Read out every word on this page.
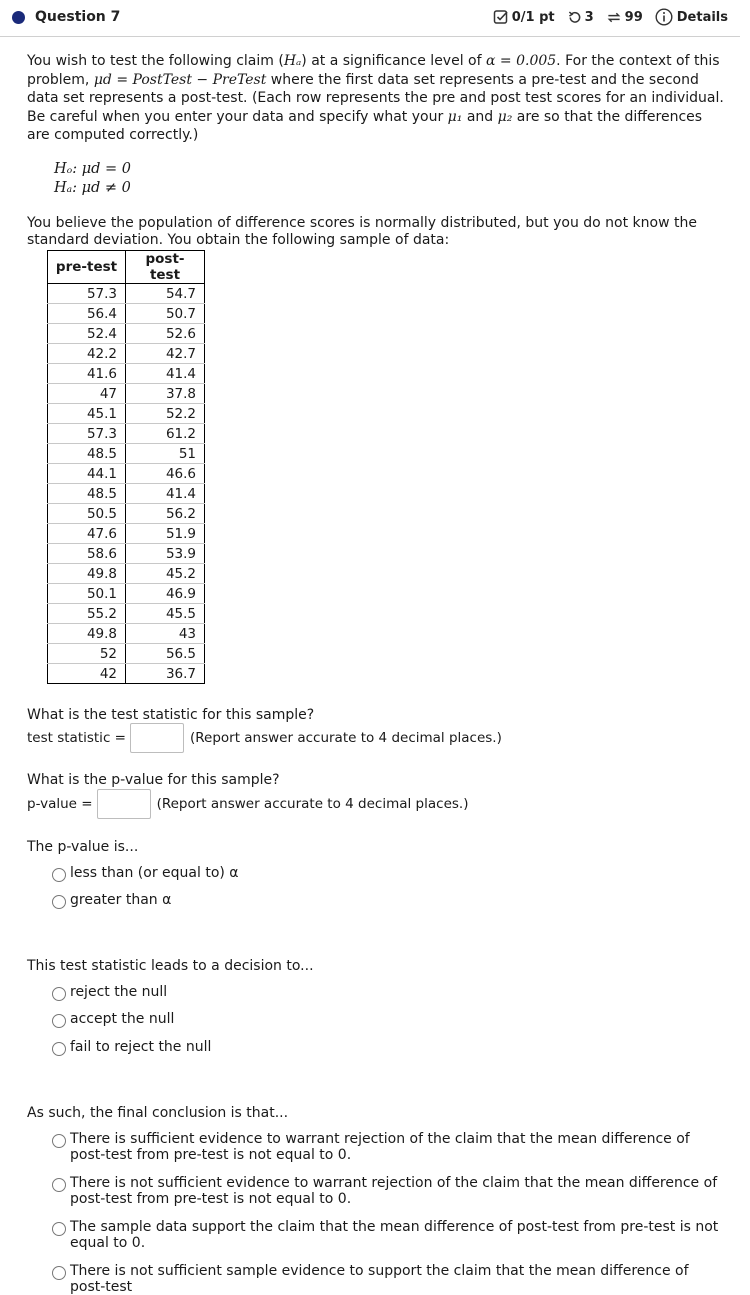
Question 7	0/1 pt 3 99	Details
You wish to test the following claim (Hₐ) at a significance level of α = 0.005. For the context of this problem, μd = PostTest − PreTest where the first data set represents a pre-test and the second data set represents a post-test. (Each row represents the pre and post test scores for an individual. Be careful when you enter your data and specify what your μ₁ and μ₂ are so that the differences are computed correctly.)
Hₒ: μd = 0
Hₐ: μd ≠ 0
You believe the population of difference scores is normally distributed, but you do not know the standard deviation. You obtain the following sample of data:
What is the test statistic for this sample?
test statistic =	(Report answer accurate to 4 decimal places.)
What is the p-value for this sample?
p-value =	(Report answer accurate to 4 decimal places.)
The p-value is...
This test statistic leads to a decision to...
As such, the final conclusion is that...
pre-test	post-test
57.3	54.7
56.4	50.7
52.4	52.6
42.2	42.7
41.6	41.4
47	37.8
45.1	52.2
57.3	61.2
48.5	51
44.1	46.6
48.5	41.4
50.5	56.2
47.6	51.9
58.6	53.9
49.8	45.2
50.1	46.9
55.2	45.5
49.8	43
52	56.5
42	36.7
less than (or equal to) α
greater than α
reject the null
accept the null
fail to reject the null
There is sufficient evidence to warrant rejection of the claim that the mean difference of post-test from pre-test is not equal to 0.
There is not sufficient evidence to warrant rejection of the claim that the mean difference of post-test from pre-test is not equal to 0.
The sample data support the claim that the mean difference of post-test from pre-test is not equal to 0.
There is not sufficient sample evidence to support the claim that the mean difference of post-test
